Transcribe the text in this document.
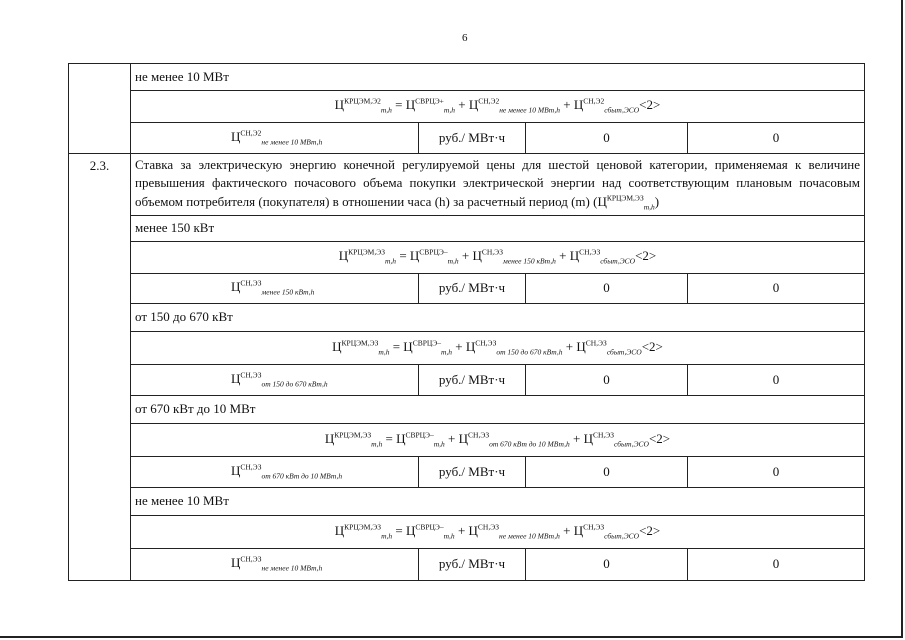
6
	не менее 10 МВт			
	$Ц^{КРЦЭМ,Э2}_{m,h} = Ц^{СВРЦЭ+}_{m,h} + Ц^{СН,Э2}_{не менее 10 МВт,h} + Ц^{СН,Э2}_{сбыт,ЭСО}<2>$			
	$Ц^{СН,Э2}_{не менее 10 МВт,h}$	руб./ МВт·ч	0	0
2.3.	Ставка за электрическую энергию конечной регулируемой цены для шестой ценовой категории, применяемая к величине превышения фактического почасового объема покупки электрической энергии над соответствующим плановым почасовым объемом потребителя (покупателя) в отношении часа (h) за расчетный период (m) $(Ц^{КРЦЭМ,ЭЗ}_{m,h})$			
	менее 150 кВт			
	$Ц^{КРЦЭМ,ЭЗ}_{m,h} = Ц^{СВРЦЭ-}_{m,h} + Ц^{СН,ЭЗ}_{менее 150 кВт,h} + Ц^{СН,ЭЗ}_{сбыт,ЭСО}<2>$			
	$Ц^{СН,ЭЗ}_{менее 150 кВт,h}$	руб./ МВт·ч	0	0
	от 150 до 670 кВт			
	$Ц^{КРЦЭМ,ЭЗ}_{m,h} = Ц^{СВРЦЭ-}_{m,h} + Ц^{СН,ЭЗ}_{от 150 до 670 кВт,h} + Ц^{СН,ЭЗ}_{сбыт,ЭСО}<2>$			
	$Ц^{СН,ЭЗ}_{от 150 до 670 кВт,h}$	руб./ МВт·ч	0	0
	от 670 кВт до 10 МВт			
	$Ц^{КРЦЭМ,ЭЗ}_{m,h} = Ц^{СВРЦЭ-}_{m,h} + Ц^{СН,ЭЗ}_{от 670 кВт до 10 МВт,h} + Ц^{СН,ЭЗ}_{сбыт,ЭСО}<2>$			
	$Ц^{СН,ЭЗ}_{от 670 кВт до 10 МВт,h}$	руб./ МВт·ч	0	0
	не менее 10 МВт			
	$Ц^{КРЦЭМ,ЭЗ}_{m,h} = Ц^{СВРЦЭ-}_{m,h} + Ц^{СН,ЭЗ}_{не менее 10 МВт,h} + Ц^{СН,ЭЗ}_{сбыт,ЭСО}<2>$			
	$Ц^{СН,ЭЗ}_{не менее 10 МВт,h}$	руб./ МВт·ч	0	0
